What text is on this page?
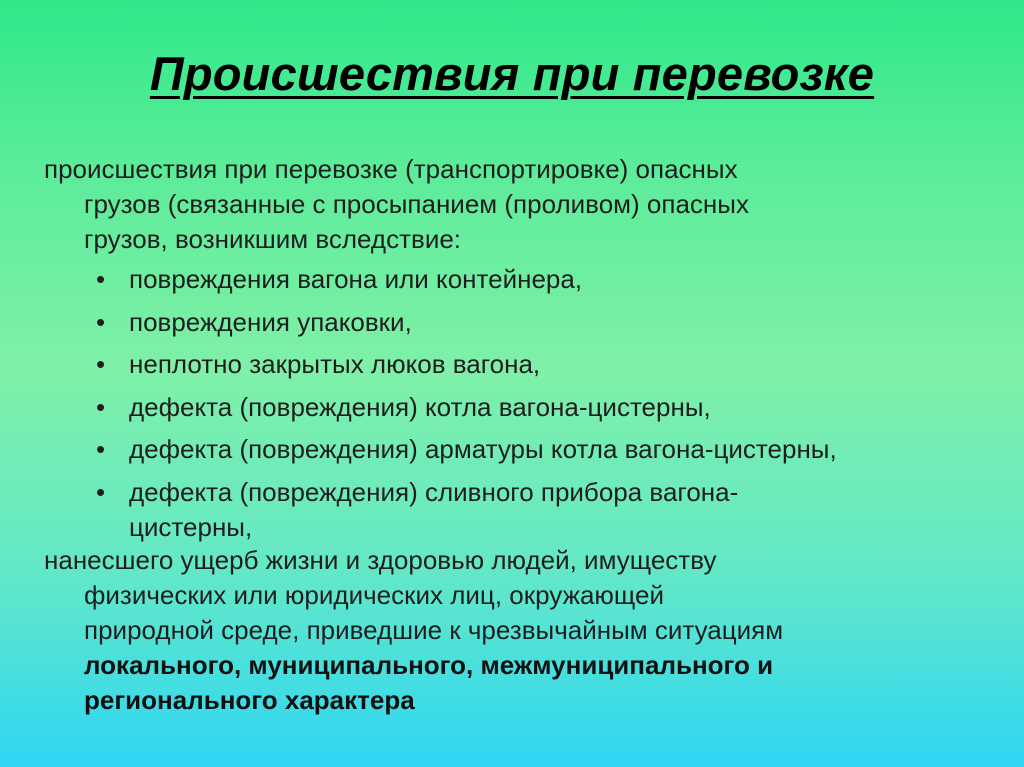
Происшествия при перевозке
происшествия при перевозке (транспортировке) опасных
грузов (связанные с просыпанием (проливом) опасных
грузов, возникшим вследствие:
• повреждения вагона или контейнера,
• повреждения упаковки,
• неплотно закрытых люков вагона,
• дефекта (повреждения) котла вагона-цистерны,
• дефекта (повреждения) арматуры котла вагона-цистерны,
• дефекта (повреждения) сливного прибора вагона-
цистерны,
нанесшего ущерб жизни и здоровью людей, имуществу
физических или юридических лиц, окружающей
природной среде, приведшие к чрезвычайным ситуациям
локального, муниципального, межмуниципального и
регионального характера
